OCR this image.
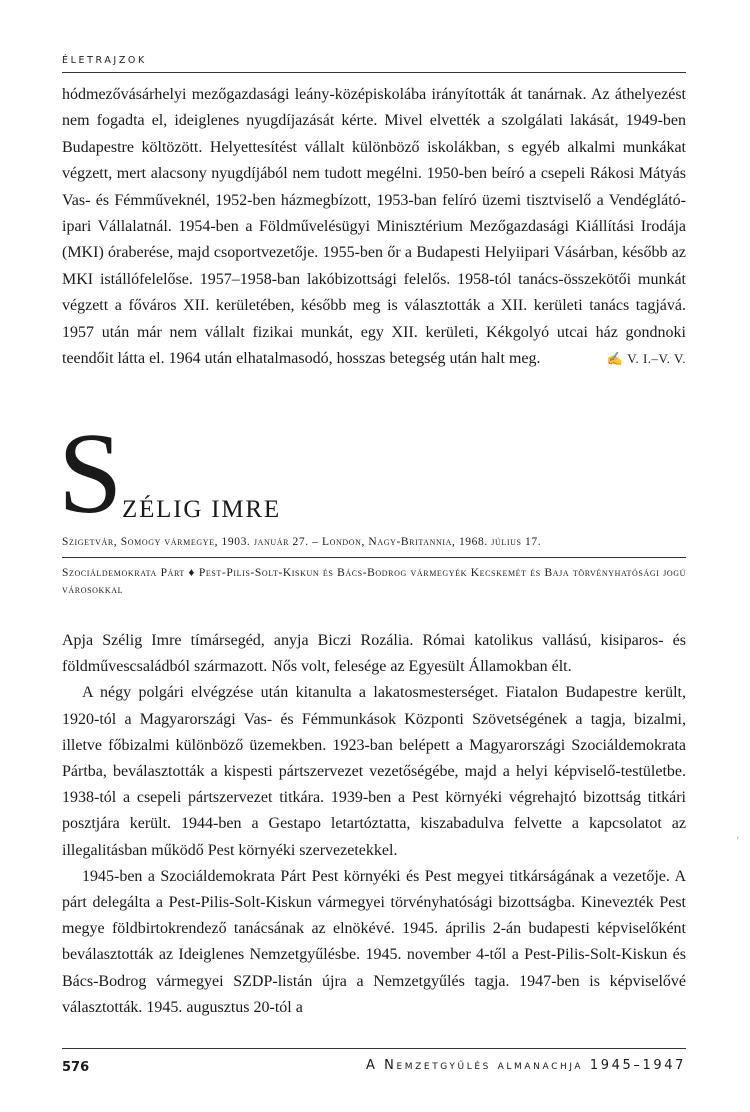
ÉLETRAJZOK

hódmezővásárhelyi mezőgazdasági leány-középiskolába irányították át tanárnak. Az áthelyezést nem fogadta el, ideiglenes nyugdíjazását kérte. Mivel elvették a szolgálati lakását, 1949-ben Budapestre költözött. Helyettesítést vállalt különböző iskolákban, s egyéb alkalmi munkákat végzett, mert alacsony nyugdíjából nem tudott megélni. 1950-ben beíró a csepeli Rákosi Mátyás Vas- és Fémműveknél, 1952-ben házmegbízott, 1953-ban felíró üzemi tisztviselő a Vendéglátó-ipari Vállalatnál. 1954-ben a Földművelésügyi Minisztérium Mezőgazdasági Kiállítási Irodája (MKI) óraberése, majd csoportvezetője. 1955-ben őr a Budapesti Helyiipari Vásárban, később az MKI istállófelelőse. 1957–1958-ban lakóbizottsági felelős. 1958-tól tanács-összekötői munkát végzett a főváros XII. kerületében, később meg is választották a XII. kerületi tanács tagjává. 1957 után már nem vállalt fizikai munkát, egy XII. kerületi, Kékgolyó utcai ház gondnoki teendőit látta el. 1964 után elhatalmasodó, hosszas betegség után halt meg.	✍ V. I.–V. V.

S ZÉLIG IMRE
Szigetvár, Somogy vármegye, 1903. január 27. – London, Nagy-Britannia, 1968. július 17.
Szociáldemokrata Párt ♦ Pest-Pilis-Solt-Kiskun és Bács-Bodrog vármegyék Kecskemét és Baja törvényhatósági jogú városokkal

Apja Szélig Imre tímársegéd, anyja Biczi Rozália. Római katolikus vallású, kisiparos- és földművescsaládból származott. Nős volt, felesége az Egyesült Államokban élt.

A négy polgári elvégzése után kitanulta a lakatosmesterséget. Fiatalon Budapestre került, 1920-tól a Magyarországi Vas- és Fémmunkások Központi Szövetségének a tagja, bizalmi, illetve főbizalmi különböző üzemekben. 1923-ban belépett a Magyarországi Szociáldemokrata Pártba, beválasztották a kispesti pártszervezet vezetőségébe, majd a helyi képviselő-testületbe. 1938-tól a csepeli pártszervezet titkára. 1939-ben a Pest környéki végrehajtó bizottság titkári posztjára került. 1944-ben a Gestapo letartóztatta, kiszabadulva felvette a kapcsolatot az illegalitásban működő Pest környéki szervezetekkel.

1945-ben a Szociáldemokrata Párt Pest környéki és Pest megyei titkárságának a vezetője. A párt delegálta a Pest-Pilis-Solt-Kiskun vármegyei törvényhatósági bizottságba. Kinevezték Pest megye földbirtokrendező tanácsának az elnökévé. 1945. április 2-án budapesti képviselőként beválasztották az Ideiglenes Nemzetgyűlésbe. 1945. november 4-től a Pest-Pilis-Solt-Kiskun és Bács-Bodrog vármegyei SZDP-listán újra a Nemzetgyűlés tagja. 1947-ben is képviselővé választották. 1945. augusztus 20-tól a

‚
576	A Nemzetgyűlés almanachja 1945–1947
